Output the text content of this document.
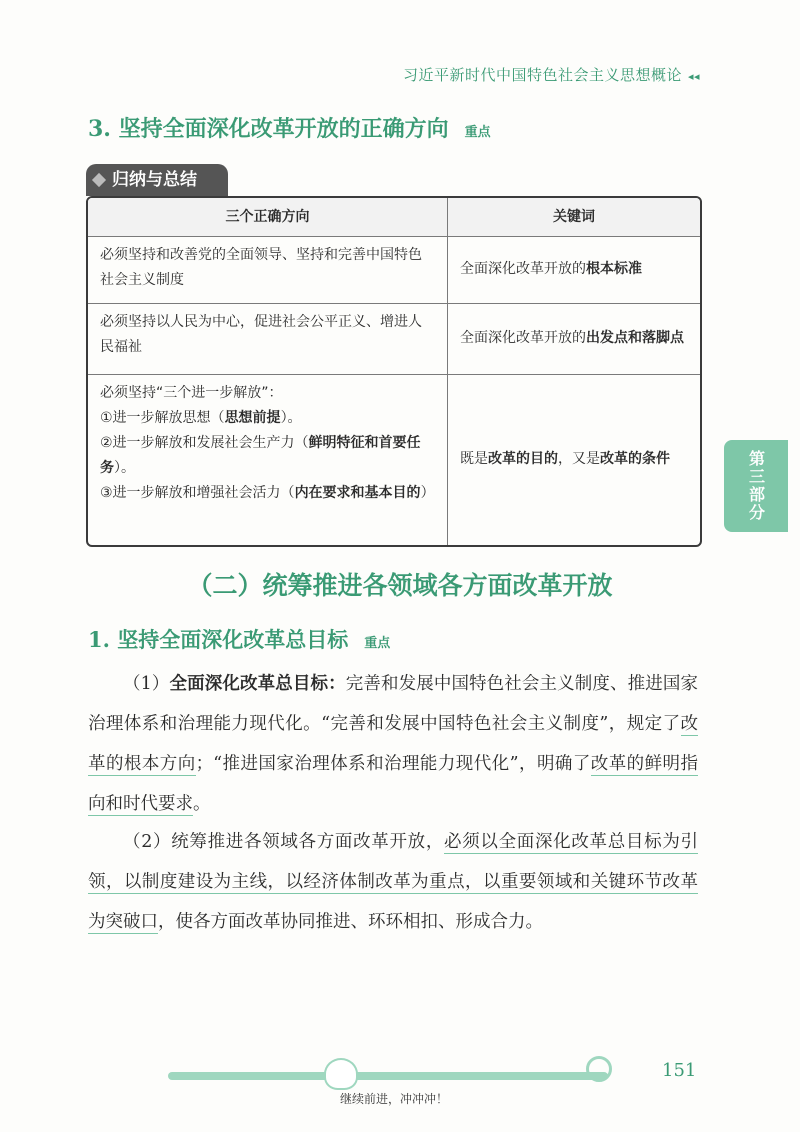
习近平新时代中国特色社会主义思想概论 ◂◂
3. 坚持全面深化改革开放的正确方向 重点
归纳与总结
三个正确方向	关键词

必须坚持和改善党的全面领导、坚持和完善中国特色社会主义制度

全面深化改革开放的根本标准

必须坚持以人民为中心，促进社会公平正义、增进人民福祉

全面深化改革开放的出发点和落脚点

必须坚持“三个进一步解放”：

①进一步解放思想（思想前提）。

②进一步解放和发展社会生产力（鲜明特征和首要任务）。

③进一步解放和增强社会活力（内在要求和基本目的）

既是改革的目的，又是改革的条件	第三部分
（二）统筹推进各领域各方面改革开放
1. 坚持全面深化改革总目标 重点
（1）全面深化改革总目标：完善和发展中国特色社会主义制度、推进国家治理体系和治理能力现代化。“完善和发展中国特色社会主义制度”，规定了改革的根本方向；“推进国家治理体系和治理能力现代化”，明确了改革的鲜明指向和时代要求。
（2）统筹推进各领域各方面改革开放，必须以全面深化改革总目标为引领，以制度建设为主线，以经济体制改革为重点，以重要领域和关键环节改革为突破口，使各方面改革协同推进、环环相扣、形成合力。
继续前进，冲冲冲！
151
